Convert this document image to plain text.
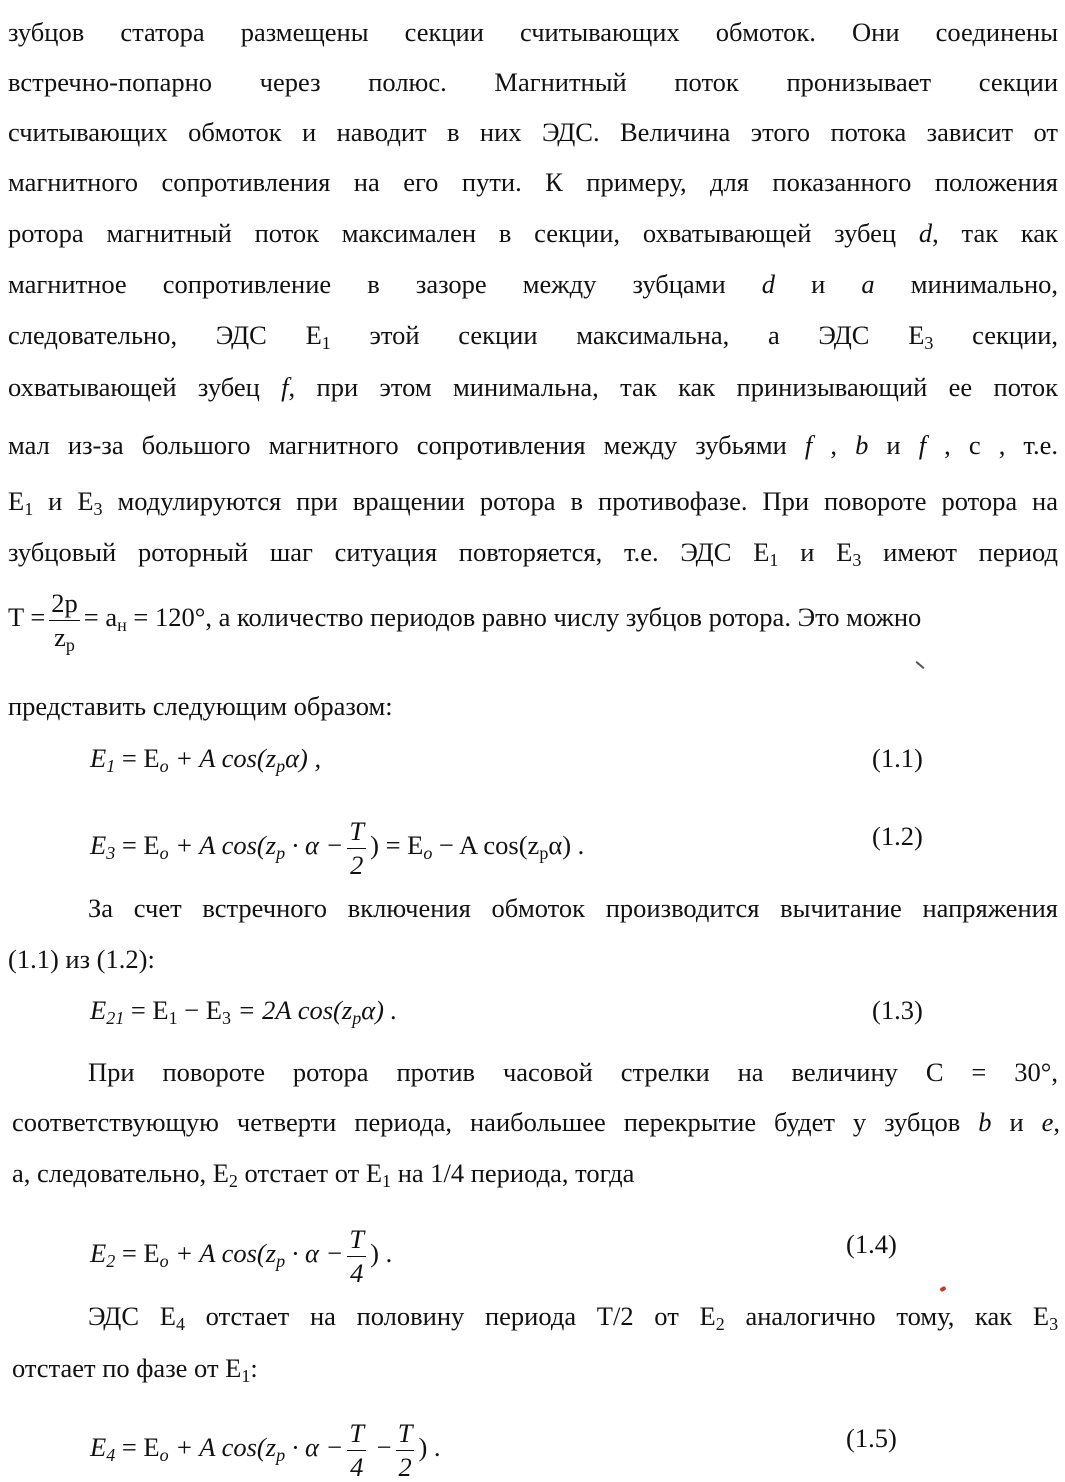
зубцов статора размещены секции считывающих обмоток. Они соединены
встречно-попарно через полюс. Магнитный поток пронизывает секции
считывающих обмоток и наводит в них ЭДС. Величина этого потока зависит от
магнитного сопротивления на его пути. К примеру, для показанного положения
ротора магнитный поток максимален в секции, охватывающей зубец d, так как
магнитное сопротивление в зазоре между зубцами d и a минимально,
следовательно, ЭДС $E_1$ этой секции максимальна, а ЭДС $E_3$ секции,
охватывающей зубец f, при этом минимальна, так как принизывающий ее поток
мал из-за большого магнитного сопротивления между зубьями f , b и f , с , т.е.
$E_1$ и $E_3$ модулируются при вращении ротора в противофазе. При повороте ротора на
зубцовый роторный шаг ситуация повторяется, т.е. ЭДС $E_1$ и $E_3$ имеют период
$T = \frac{2p}{z_p} = a_н = 120^\circ$, а количество периодов равно числу зубцов ротора. Это можно
представить следующим образом:
$E_1 = E_o + A$ $\cos(z_p\alpha)$ ,	(1.1)
$E_3 = E_o + A$ $\cos(z_p \cdot \alpha - \frac{T}{2}$ ) = $E_o - A$ $\cos(z_p\alpha)$ .	(1.2)
За счет встречного включения обмоток производится вычитание напряжения
(1.1) из (1.2):
$E_{21} = E_1 - E_3 = 2A$ $\cos(z_p\alpha)$ .	(1.3)
При повороте ротора против часовой стрелки на величину С = 30°,
соответствующую четверти периода, наибольшее перекрытие будет у зубцов b и e,
а, следовательно, $E_2$ отстает от $E_1$ на 1/4 периода, тогда
$E_2 = E_o + A$ $\cos(z_p \cdot \alpha - \frac{T}{4}$ ) .	(1.4)
ЭДС $E_4$ отстает на половину периода Т/2 от $E_2$ аналогично тому, как $E_3$
отстает по фазе от $E_1$:
$E_4 = E_o + A$ $\cos(z_p \cdot \alpha - \frac{T}{4} - \frac{T}{2}$ ) .	(1.5)
